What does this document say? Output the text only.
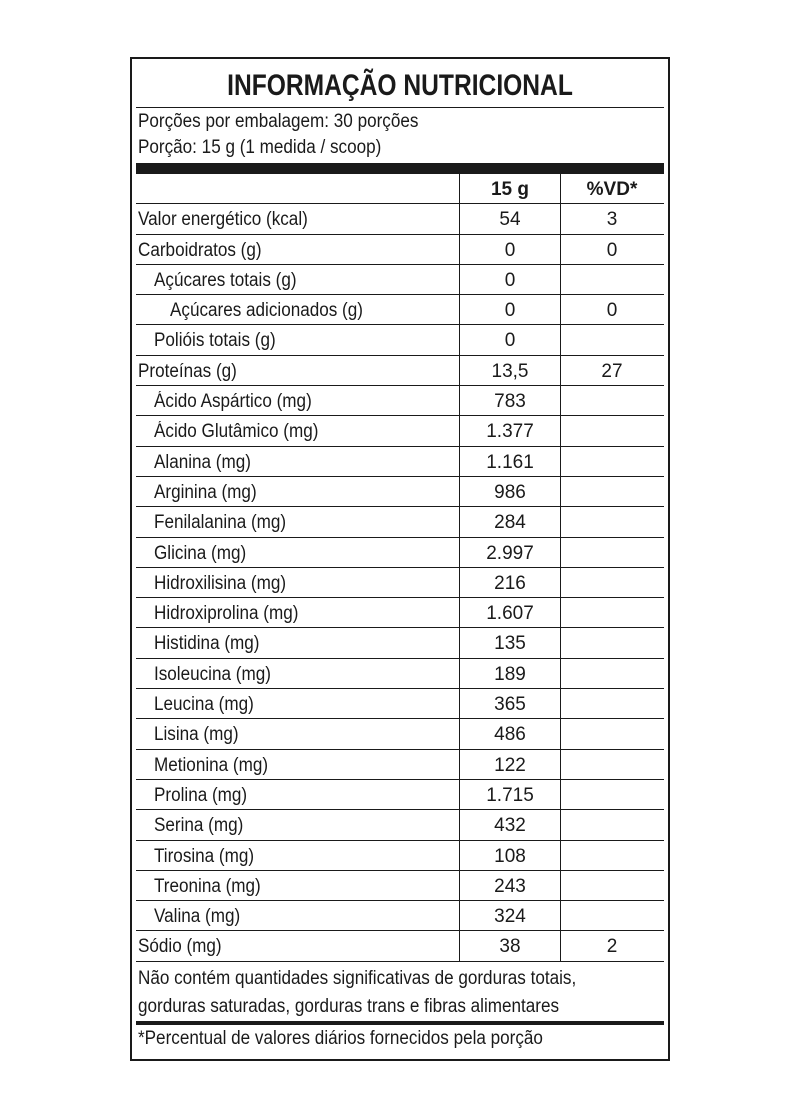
INFORMAÇÃO NUTRICIONAL
Porções por embalagem: 30 porções
Porção: 15 g (1 medida / scoop)
15 g	%VD*
Valor energético (kcal)	54	3
Carboidratos (g)	0	0
Açúcares totais (g)	0
Açúcares adicionados (g)	0	0
Polióis totais (g)	0
Proteínas (g)	13,5	27
Ácido Aspártico (mg)	783
Ácido Glutâmico (mg)	1.377
Alanina (mg)	1.161
Arginina (mg)	986
Fenilalanina (mg)	284
Glicina (mg)	2.997
Hidroxilisina (mg)	216
Hidroxiprolina (mg)	1.607
Histidina (mg)	135
Isoleucina (mg)	189
Leucina (mg)	365
Lisina (mg)	486
Metionina (mg)	122
Prolina (mg)	1.715
Serina (mg)	432
Tirosina (mg)	108
Treonina (mg)	243
Valina (mg)	324
Sódio (mg)	38	2
Não contém quantidades significativas de gorduras totais,
gorduras saturadas, gorduras trans e fibras alimentares
*Percentual de valores diários fornecidos pela porção
